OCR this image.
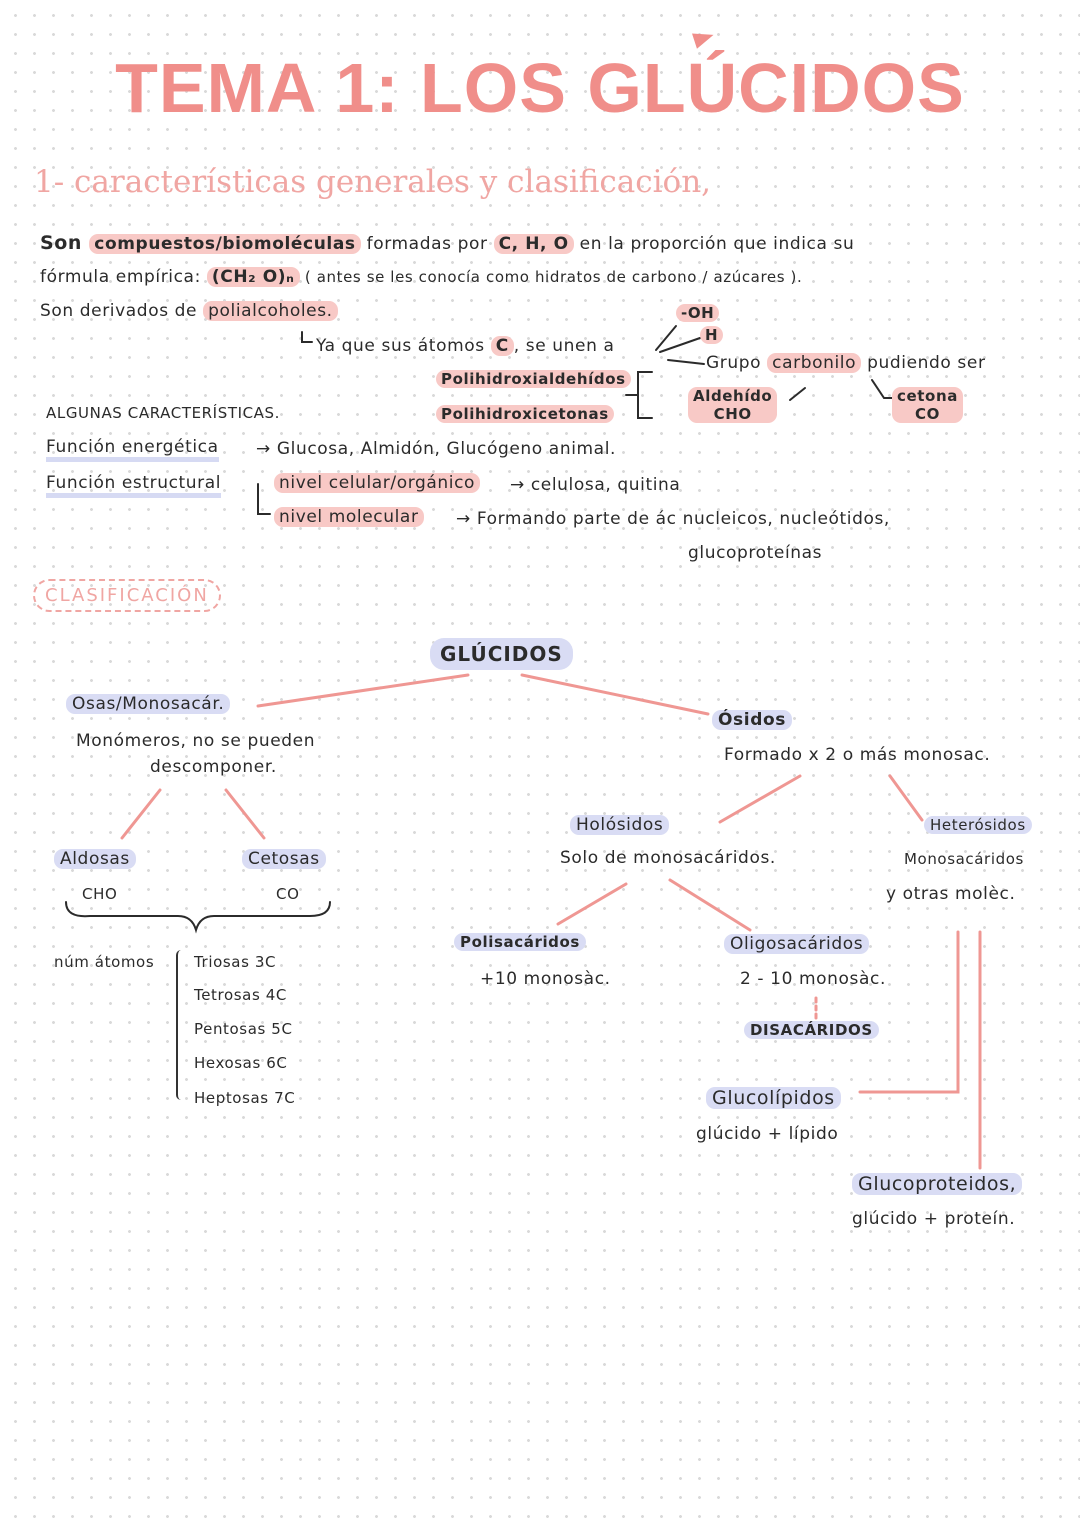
TEMA 1: LOS GLÚCIDOS
1- características generales y clasificación,
Son compuestos/biomoléculas formadas por C, H, O en la proporción que indica su
fórmula empírica: (CH₂ O)ₙ ( antes se les conocía como hidratos de carbono / azúcares ).
Son derivados de polialcoholes.
Ya que sus átomos C , se unen a
-OH
H
Grupo carbonilo pudiendo ser
Polihidroxialdehídos
Polihidroxicetonas
Aldehído
CHO
cetona
CO
ALGUNAS CARACTERÍSTICAS.
Función energética → Glucosa, Almidón, Glucógeno animal.
Función estructural	nivel celular/orgánico → celulosa, quitina
nivel molecular → Formando parte de ác nucleicos, nucleótidos,
glucoproteínas
CLASIFICACIÓN
GLÚCIDOS
Osas/Monosacár.
Monómeros, no se pueden
descomponer.
Aldosas
CHO
Cetosas
CO
núm átomos	Triosas 3C
Tetrosas 4C
Pentosas 5C
Hexosas 6C
Heptosas 7C
Ósidos
Formado x 2 o más monosac.
Holósidos
Solo de monosacáridos.
Heterósidos
Monosacáridos
y otras molèc.
Polisacáridos
+10 monosàc.
Oligosacáridos
2 - 10 monosàc.
DISACÁRIDOS
Glucolípidos
glúcido + lípido
Glucoproteidos,
glúcido + proteín.
